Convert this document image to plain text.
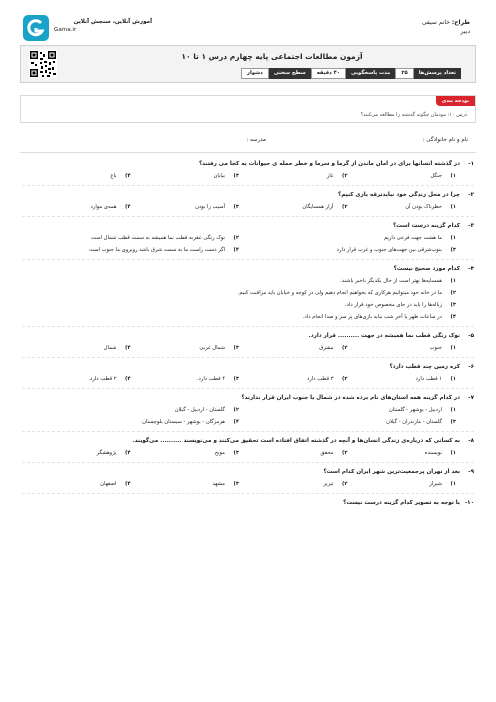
طراح: خانم سیفی
دبیر
آموزش آنلاین، سنجش آنلاین
Gama.ir
آزمون مطالعات اجتماعی پایه چهارم درس ۱ تا ۱۰
تعداد پرسش‌ها
۲۵
مدت پاسخگویی
۴۰ دقیقه
سطح سختی
دشوار
بودجه بندی
درس ۱۰: مودمان چگونه گذشته را مطالعه می‌کنند؟
نام و نام خانوادگی :
مدرسه :
۱-
در گذشته انسانها برای در امان ماندن از گرما و سرما و خطر حمله ی حیوانات به کجا می رفتند؟
۱)
جنگل
۲)
غار
۳)
بیابان
۴)
باغ
۲-
چرا در محل زندگی خود نباید‌ترقه بازی کنیم؟
۱)
خطرناک بودن آن
۲)
آزار همسایگان
۳)
آسیب زا بودن
۴)
همه‌ی موارد
۳-
کدام گزینه درست است؟
۱)
ما هشت جهت فرعی داریم
۲)
نوک رنگی عقربه قطب نما همیشه به سمت قطب شمال است
۳)
بنوب‌شرقی بین جهت‌های جنوب و غرب قرار دارد
۴)
اگر دست راست ما به سمت شرق باشد روبروی ما جنوب است
۴-
کدام مورد صحیح نیست؟
۱)
همسایه‌ها بهتر است از حال یکدیگر باخبر باشند.
۲)
ما در خانه خود میتوانیم هرکاری که بخواهیم انجام دهیم ولی در کوچه و خیابان باید مراقبت کنیم.
۳)
زباله‌ها را باید در جای مخصوص خود قرار داد.
۴)
در ساعات ظهر یا آخر شب نباید بازی‌های پر سر و صدا انجام داد.
۵-
نوک رنگی قطب نما همیشه در جهت .......... قرار دارد.
۱)
جنوب
۲)
مشرق
۳)
شمال غربی
۴)
شمال
۶-
کره زمین چند قطب دارد؟
۱)
۱ قطب دارد
۲)
۳ قطب دارد
۳)
۴ قطب دارد.
۴)
۲ قطب دارد.
۷-
در کدام گزینه همه استان‌های نام برده شده در شمال یا جنوب ایران قرار ندارند؟
۱)
اردبیل - بوشهر - گلستان
۲)
گلستان - اردبیل - گیلان
۳)
گلستان - مازندران - گیلان
۴)
هرمزگان - بوشهر - سیستان بلوچستان
۸-
به کسانی که درباره‌ی زندگی انسان‌ها و آنچه در گذشته اتفاق افتاده است تحقیق می‌کنند و می‌نویسند .......... می‌گویند.
۱)
نویسنده
۲)
محقق
۳)
موبخ
۴)
پژوهشگر
۹-
بعد از تهران پرجمعیت‌ترین شهر ایران کدام است؟
۱)
شیراز
۲)
تبریز
۳)
مشهد
۴)
اصفهان
۱۰-
با توجه به تصویر کدام گزینه درست نیست؟
